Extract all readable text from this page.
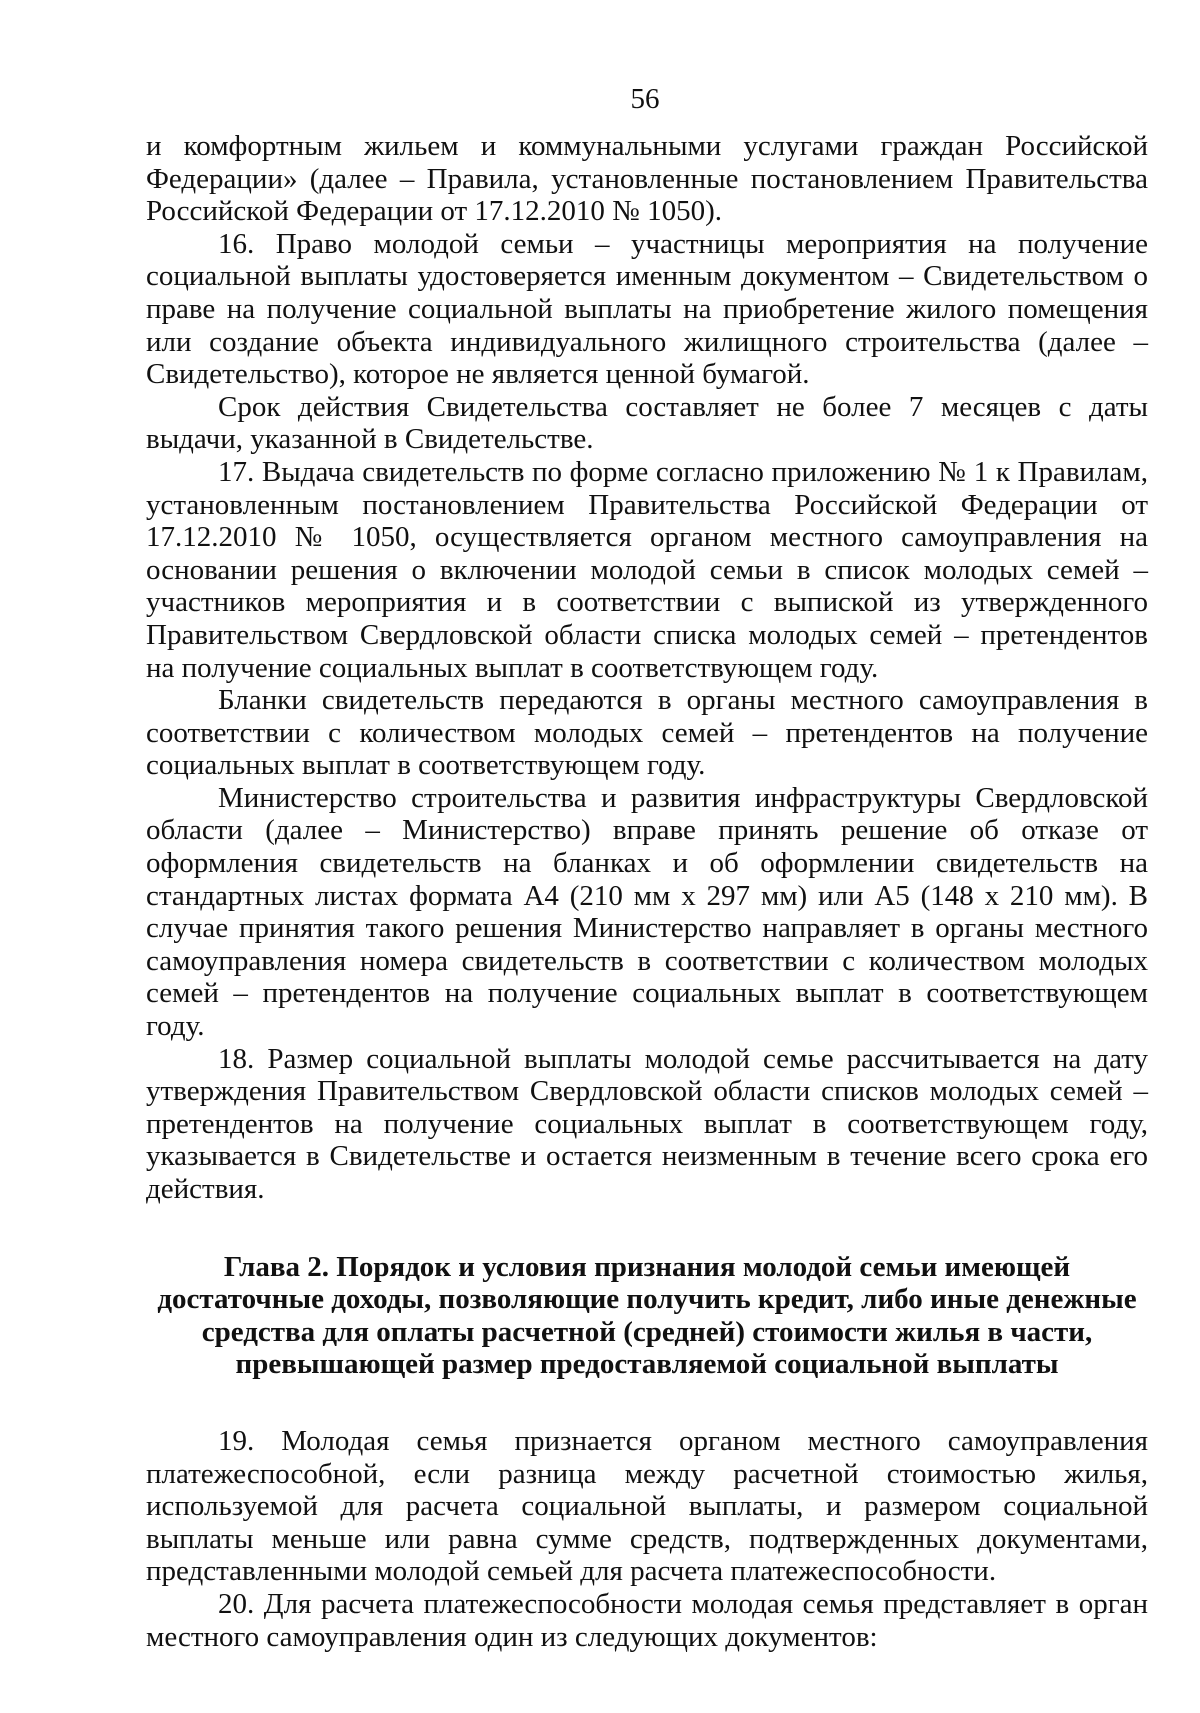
56

и комфортным жильем и коммунальными услугами граждан Российской Федерации» (далее – Правила, установленные постановлением Правительства Российской Федерации от 17.12.2010 № 1050).

16. Право молодой семьи – участницы мероприятия на получение социальной выплаты удостоверяется именным документом – Свидетельством о праве на получение социальной выплаты на приобретение жилого помещения или создание объекта индивидуального жилищного строительства (далее – Свидетельство), которое не является ценной бумагой.

Срок действия Свидетельства составляет не более 7 месяцев с даты выдачи, указанной в Свидетельстве.

17. Выдача свидетельств по форме согласно приложению № 1 к Правилам, установленным постановлением Правительства Российской Федерации от 17.12.2010 № 1050, осуществляется органом местного самоуправления на основании решения о включении молодой семьи в список молодых семей – участников мероприятия и в соответствии с выпиской из утвержденного Правительством Свердловской области списка молодых семей – претендентов на получение социальных выплат в соответствующем году.

Бланки свидетельств передаются в органы местного самоуправления в соответствии с количеством молодых семей – претендентов на получение социальных выплат в соответствующем году.

Министерство строительства и развития инфраструктуры Свердловской области (далее – Министерство) вправе принять решение об отказе от оформления свидетельств на бланках и об оформлении свидетельств на стандартных листах формата А4 (210 мм x 297 мм) или А5 (148 x 210 мм). В случае принятия такого решения Министерство направляет в органы местного самоуправления номера свидетельств в соответствии с количеством молодых семей – претендентов на получение социальных выплат в соответствующем году.

18. Размер социальной выплаты молодой семье рассчитывается на дату утверждения Правительством Свердловской области списков молодых семей – претендентов на получение социальных выплат в соответствующем году, указывается в Свидетельстве и остается неизменным в течение всего срока его действия.

Глава 2. Порядок и условия признания молодой семьи имеющей достаточные доходы, позволяющие получить кредит, либо иные денежные средства для оплаты расчетной (средней) стоимости жилья в части, превышающей размер предоставляемой социальной выплаты

19. Молодая семья признается органом местного самоуправления платежеспособной, если разница между расчетной стоимостью жилья, используемой для расчета социальной выплаты, и размером социальной выплаты меньше или равна сумме средств, подтвержденных документами, представленными молодой семьей для расчета платежеспособности.

20. Для расчета платежеспособности молодая семья представляет в орган местного самоуправления один из следующих документов:
